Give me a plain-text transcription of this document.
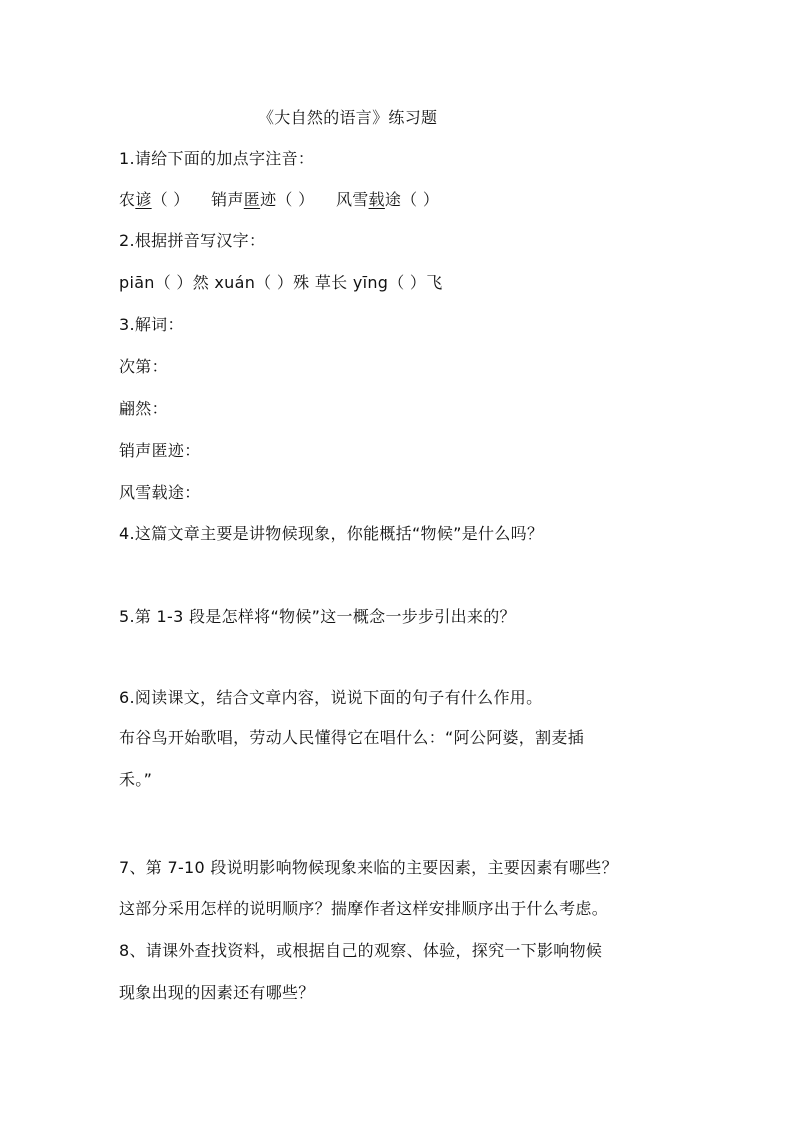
《大自然的语言》练习题
1.请给下面的加点字注音：
农谚（ ） 销声匿迹（ ） 风雪载途（ ）
2.根据拼音写汉字：
piān（ ）然 xuán（ ）殊 草长 yīng（ ）飞
3.解词：
次第：
翩然：
销声匿迹：
风雪载途：
4.这篇文章主要是讲物候现象，你能概括“物候”是什么吗？
5.第 1-3 段是怎样将“物候”这一概念一步步引出来的？
6.阅读课文，结合文章内容，说说下面的句子有什么作用。
布谷鸟开始歌唱，劳动人民懂得它在唱什么：“阿公阿婆，割麦插
禾。”
7、第 7-10 段说明影响物候现象来临的主要因素，主要因素有哪些？
这部分采用怎样的说明顺序？揣摩作者这样安排顺序出于什么考虑。
8、请课外查找资料，或根据自己的观察、体验，探究一下影响物候
现象出现的因素还有哪些？
